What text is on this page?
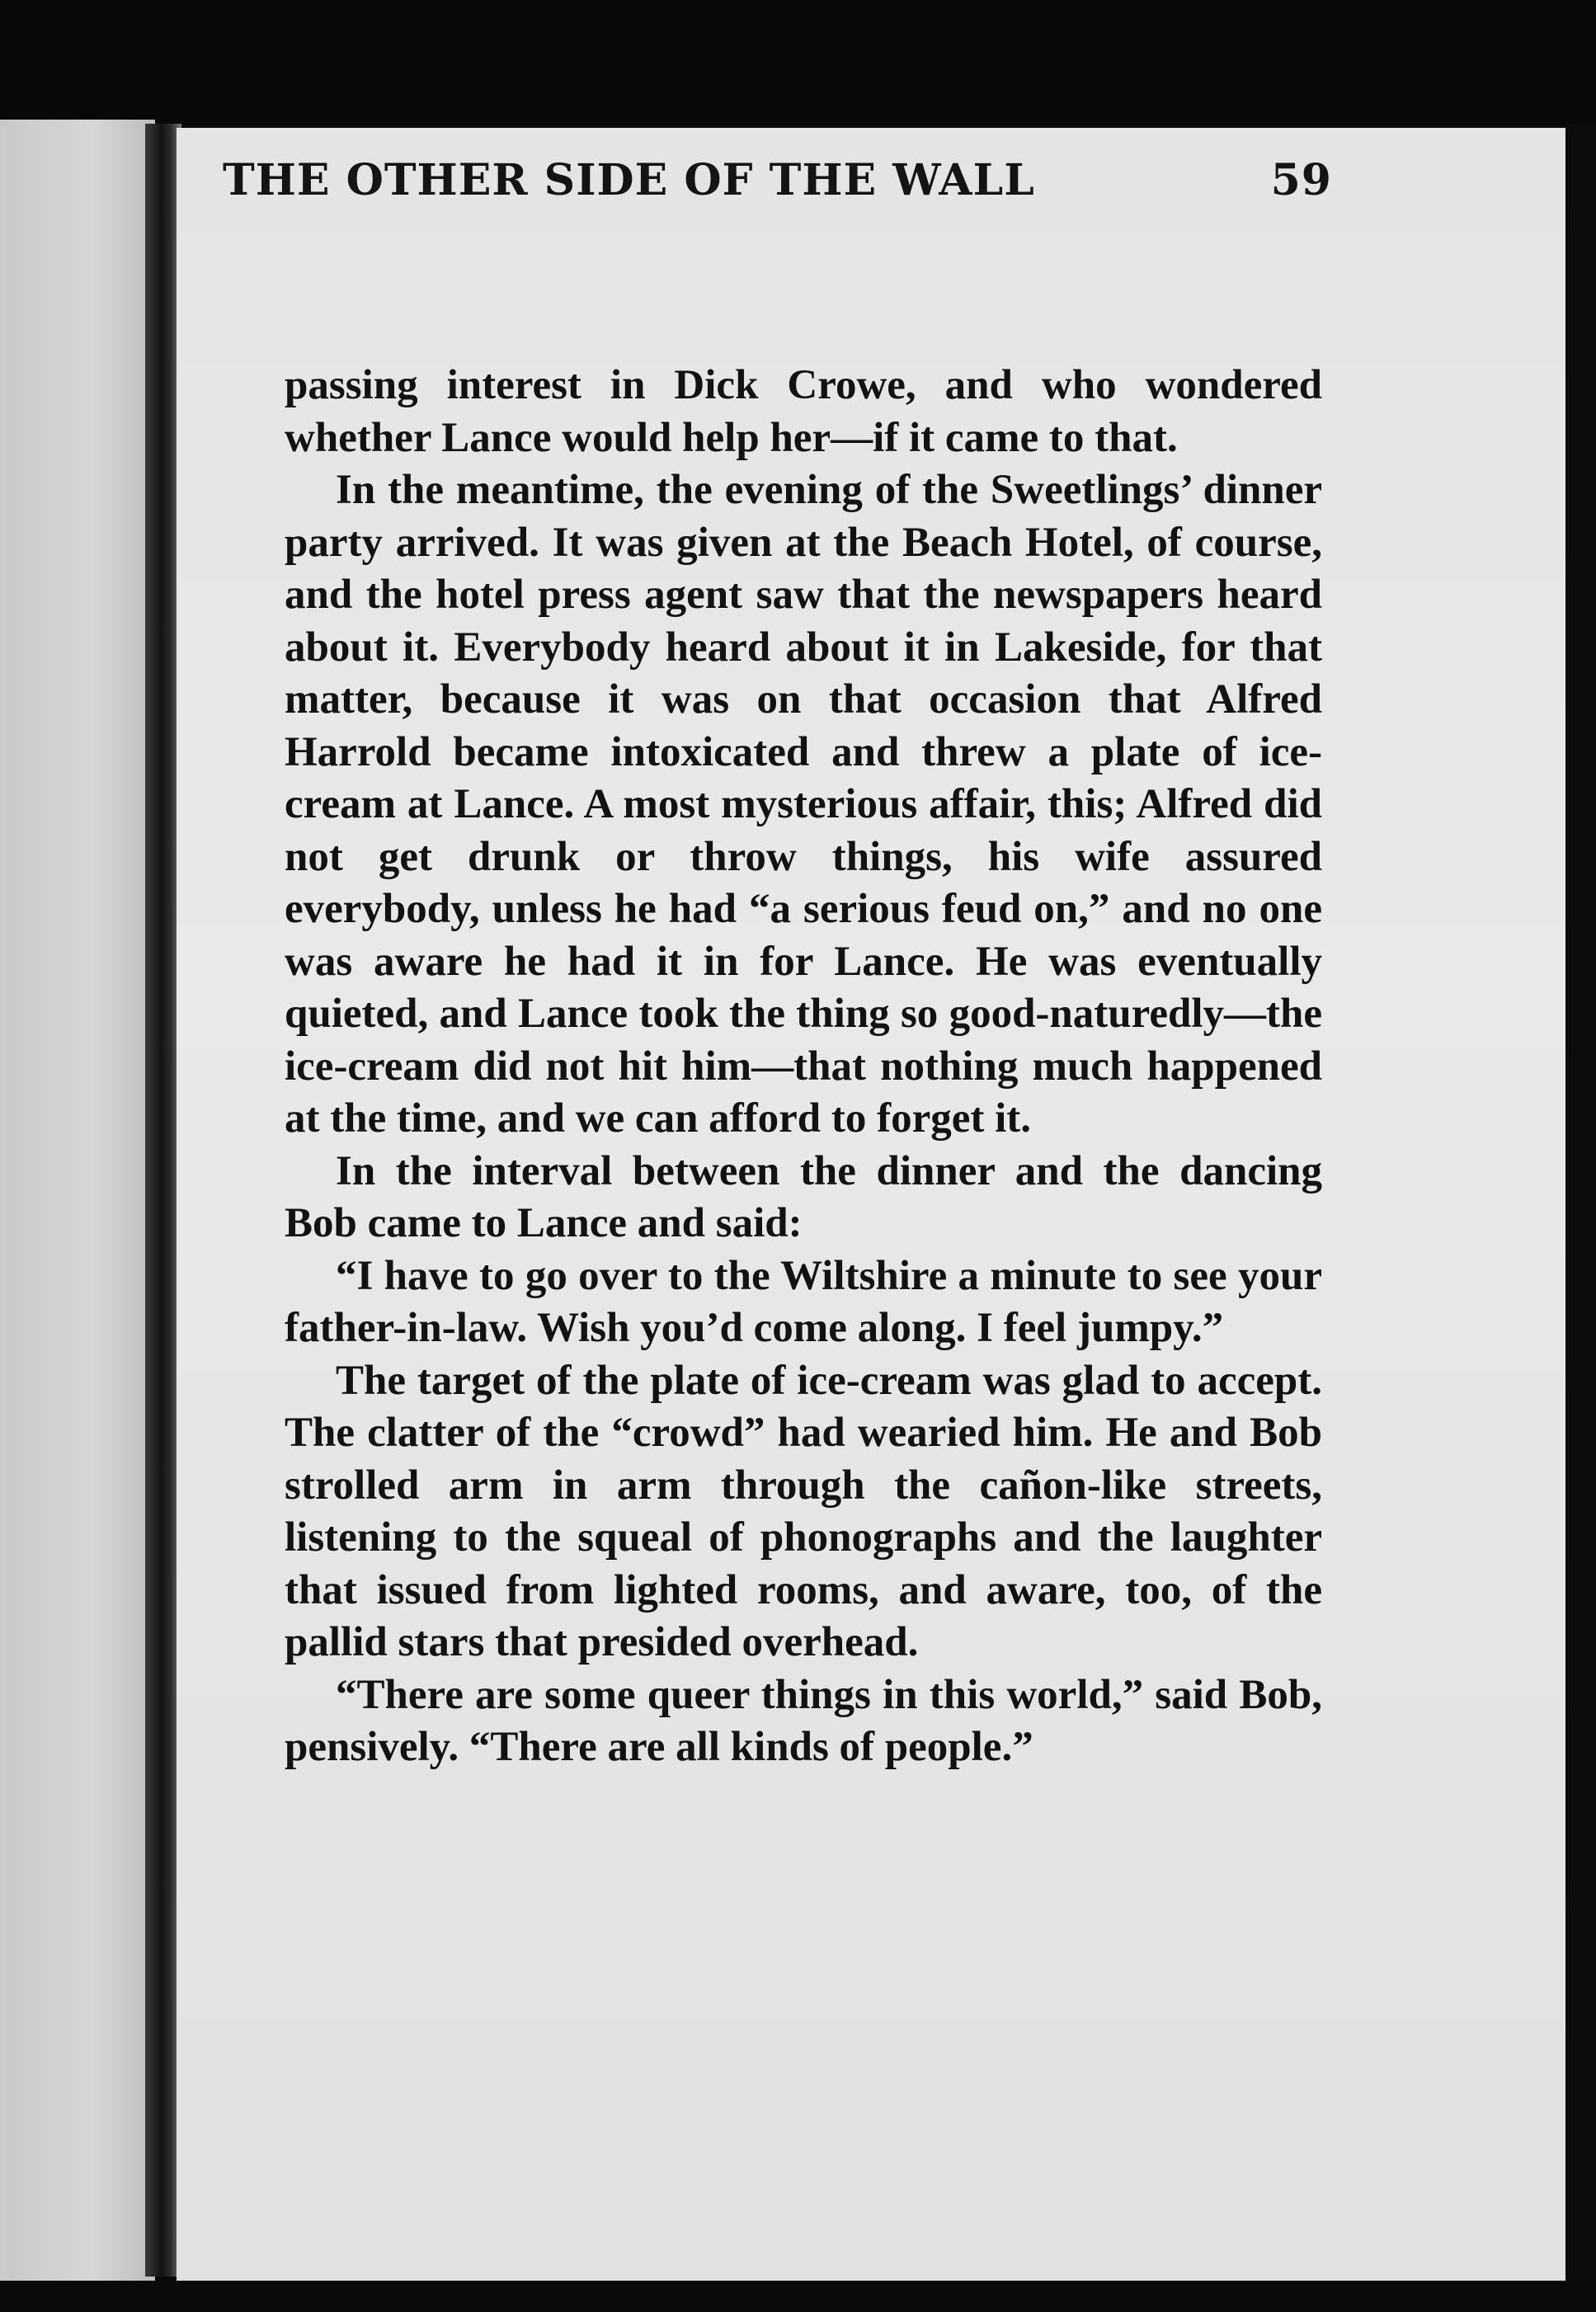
THE OTHER SIDE OF THE WALL	59

passing interest in Dick Crowe, and who wondered whether Lance would help her—if it came to that.

In the meantime, the evening of the Sweetlings’ dinner party arrived. It was given at the Beach Hotel, of course, and the hotel press agent saw that the newspapers heard about it. Everybody heard about it in Lakeside, for that matter, because it was on that occasion that Alfred Harrold became intoxicated and threw a plate of ice-cream at Lance. A most mysterious affair, this; Alfred did not get drunk or throw things, his wife assured everybody, unless he had “a serious feud on,” and no one was aware he had it in for Lance. He was eventually quieted, and Lance took the thing so good-naturedly—the ice-cream did not hit him—that nothing much happened at the time, and we can afford to forget it.

In the interval between the dinner and the dancing Bob came to Lance and said:

“I have to go over to the Wiltshire a minute to see your father-in-law. Wish you’d come along. I feel jumpy.”

The target of the plate of ice-cream was glad to accept. The clatter of the “crowd” had wearied him. He and Bob strolled arm in arm through the cañon-like streets, listening to the squeal of phonographs and the laughter that issued from lighted rooms, and aware, too, of the pallid stars that presided overhead.

“There are some queer things in this world,” said Bob, pensively. “There are all kinds of people.”
